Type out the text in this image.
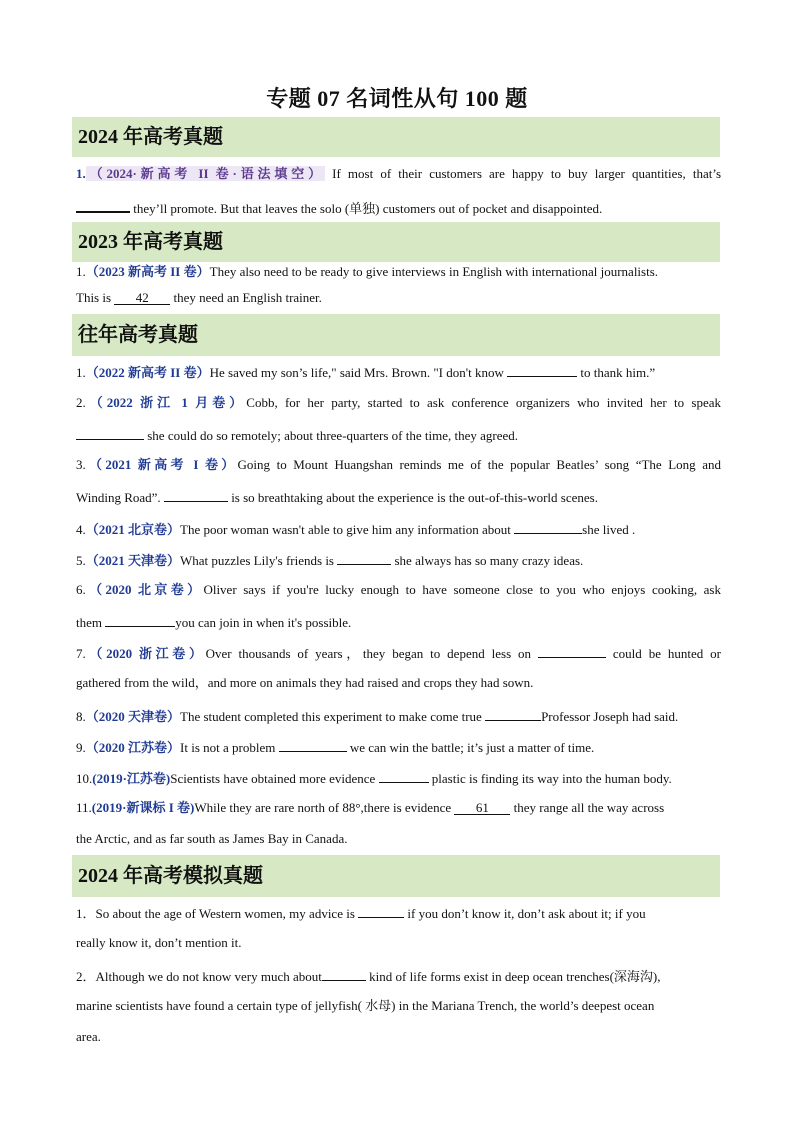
专题 07 名词性从句 100 题
2024 年高考真题
1.（2024·新高考 II 卷·语法填空） If most of their customers are happy to buy larger quantities, that’s
they’ll promote. But that leaves the solo (单独) customers out of pocket and disappointed.
2023 年高考真题
1.（2023 新高考 II 卷）They also need to be ready to give interviews in English with international journalists.
This is 42 they need an English trainer.
往年高考真题
1.（2022 新高考 II 卷）He saved my son’s life," said Mrs. Brown. "I don't know	to thank him.”
2.（2022 浙江 1 月卷）Cobb, for her party, started to ask conference organizers who invited her to speak
she could do so remotely; about three-quarters of the time, they agreed.
3.（2021 新高考 I 卷）Going to Mount Huangshan reminds me of the popular Beatles’ song “The Long and
Winding Road”.	is so breathtaking about the experience is the out-of-this-world scenes.
4.（2021 北京卷）The poor woman wasn't able to give him any information about	she lived .
5.（2021 天津卷）What puzzles Lily's friends is	she always has so many crazy ideas.
6.（2020 北京卷）Oliver says if you're lucky enough to have someone close to you who enjoys cooking, ask
them	you can join in when it's possible.
7.（2020 浙江卷）Over thousands of years，they began to depend less on	could be hunted or
gathered from the wild，and more on animals they had raised and crops they had sown.
8.（2020 天津卷）The student completed this experiment to make come true	Professor Joseph had said.
9.（2020 江苏卷）It is not a problem	we can win the battle; it’s just a matter of time.
10.(2019·江苏卷)Scientists have obtained more evidence	plastic is finding its way into the human body.
11.(2019·新课标 I 卷)While they are rare north of 88°,there is evidence 61 they range all the way across
the Arctic, and as far south as James Bay in Canada.
2024 年高考模拟真题
1．So about the age of Western women, my advice is	if you don’t know it, don’t ask about it; if you
really know it, don’t mention it.
2．Although we do not know very much about	kind of life forms exist in deep ocean trenches(深海沟),
marine scientists have found a certain type of jellyfish( 水母) in the Mariana Trench, the world’s deepest ocean
area.
